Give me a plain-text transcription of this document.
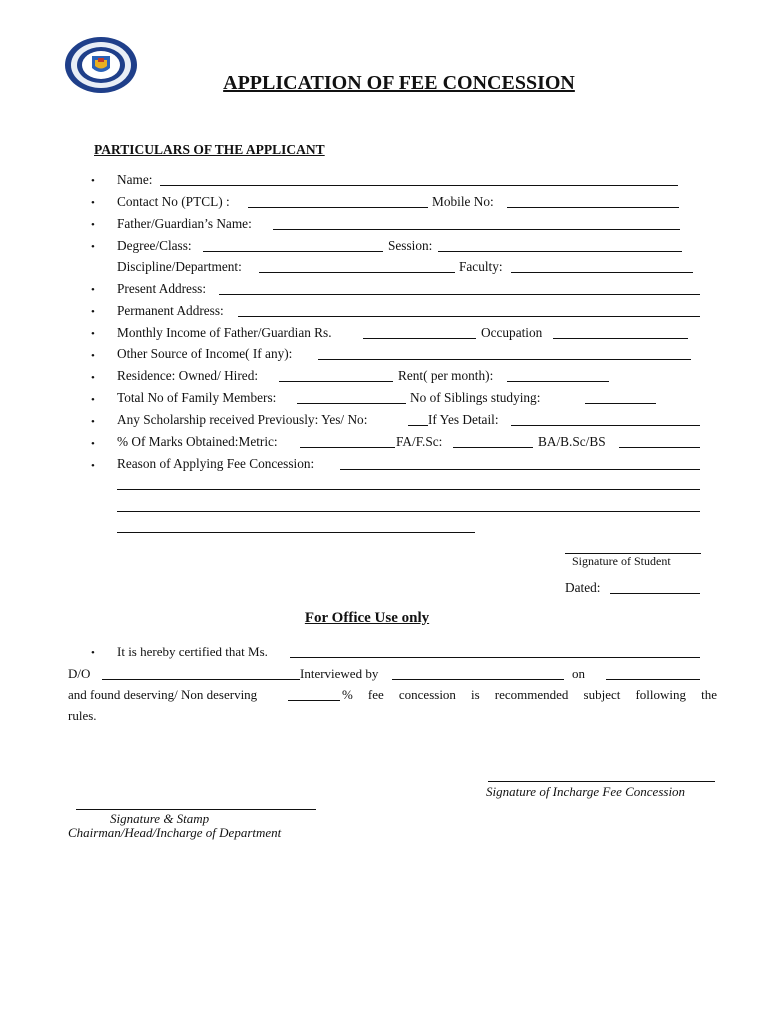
APPLICATION OF FEE CONCESSION
PARTICULARS OF THE APPLICANT
•
•
•
•
•
•
•
•
•
•
•
•
•
Name:
Contact No (PTCL) :	Mobile No:
Father/Guardian’s Name:
Degree/Class:	Session:
Discipline/Department:	Faculty:
Present Address:
Permanent Address:
Monthly Income of Father/Guardian Rs.	Occupation
Other Source of Income( If any):
Residence: Owned/ Hired:	Rent( per month):
Total No of Family Members:	No of Siblings studying:
Any Scholarship received Previously: Yes/ No:	If Yes Detail:
% Of Marks Obtained:Metric:	FA/F.Sc:	BA/B.Sc/BS
Reason of Applying Fee Concession:
Signature of Student
Dated:
For Office Use only
• It is hereby certified that Ms.
D/O	Interviewed by	on
and found deserving/ Non deserving	% fee concession is recommended subject following the
rules.
Signature of Incharge Fee Concession
Signature & Stamp
Chairman/Head/Incharge of Department
